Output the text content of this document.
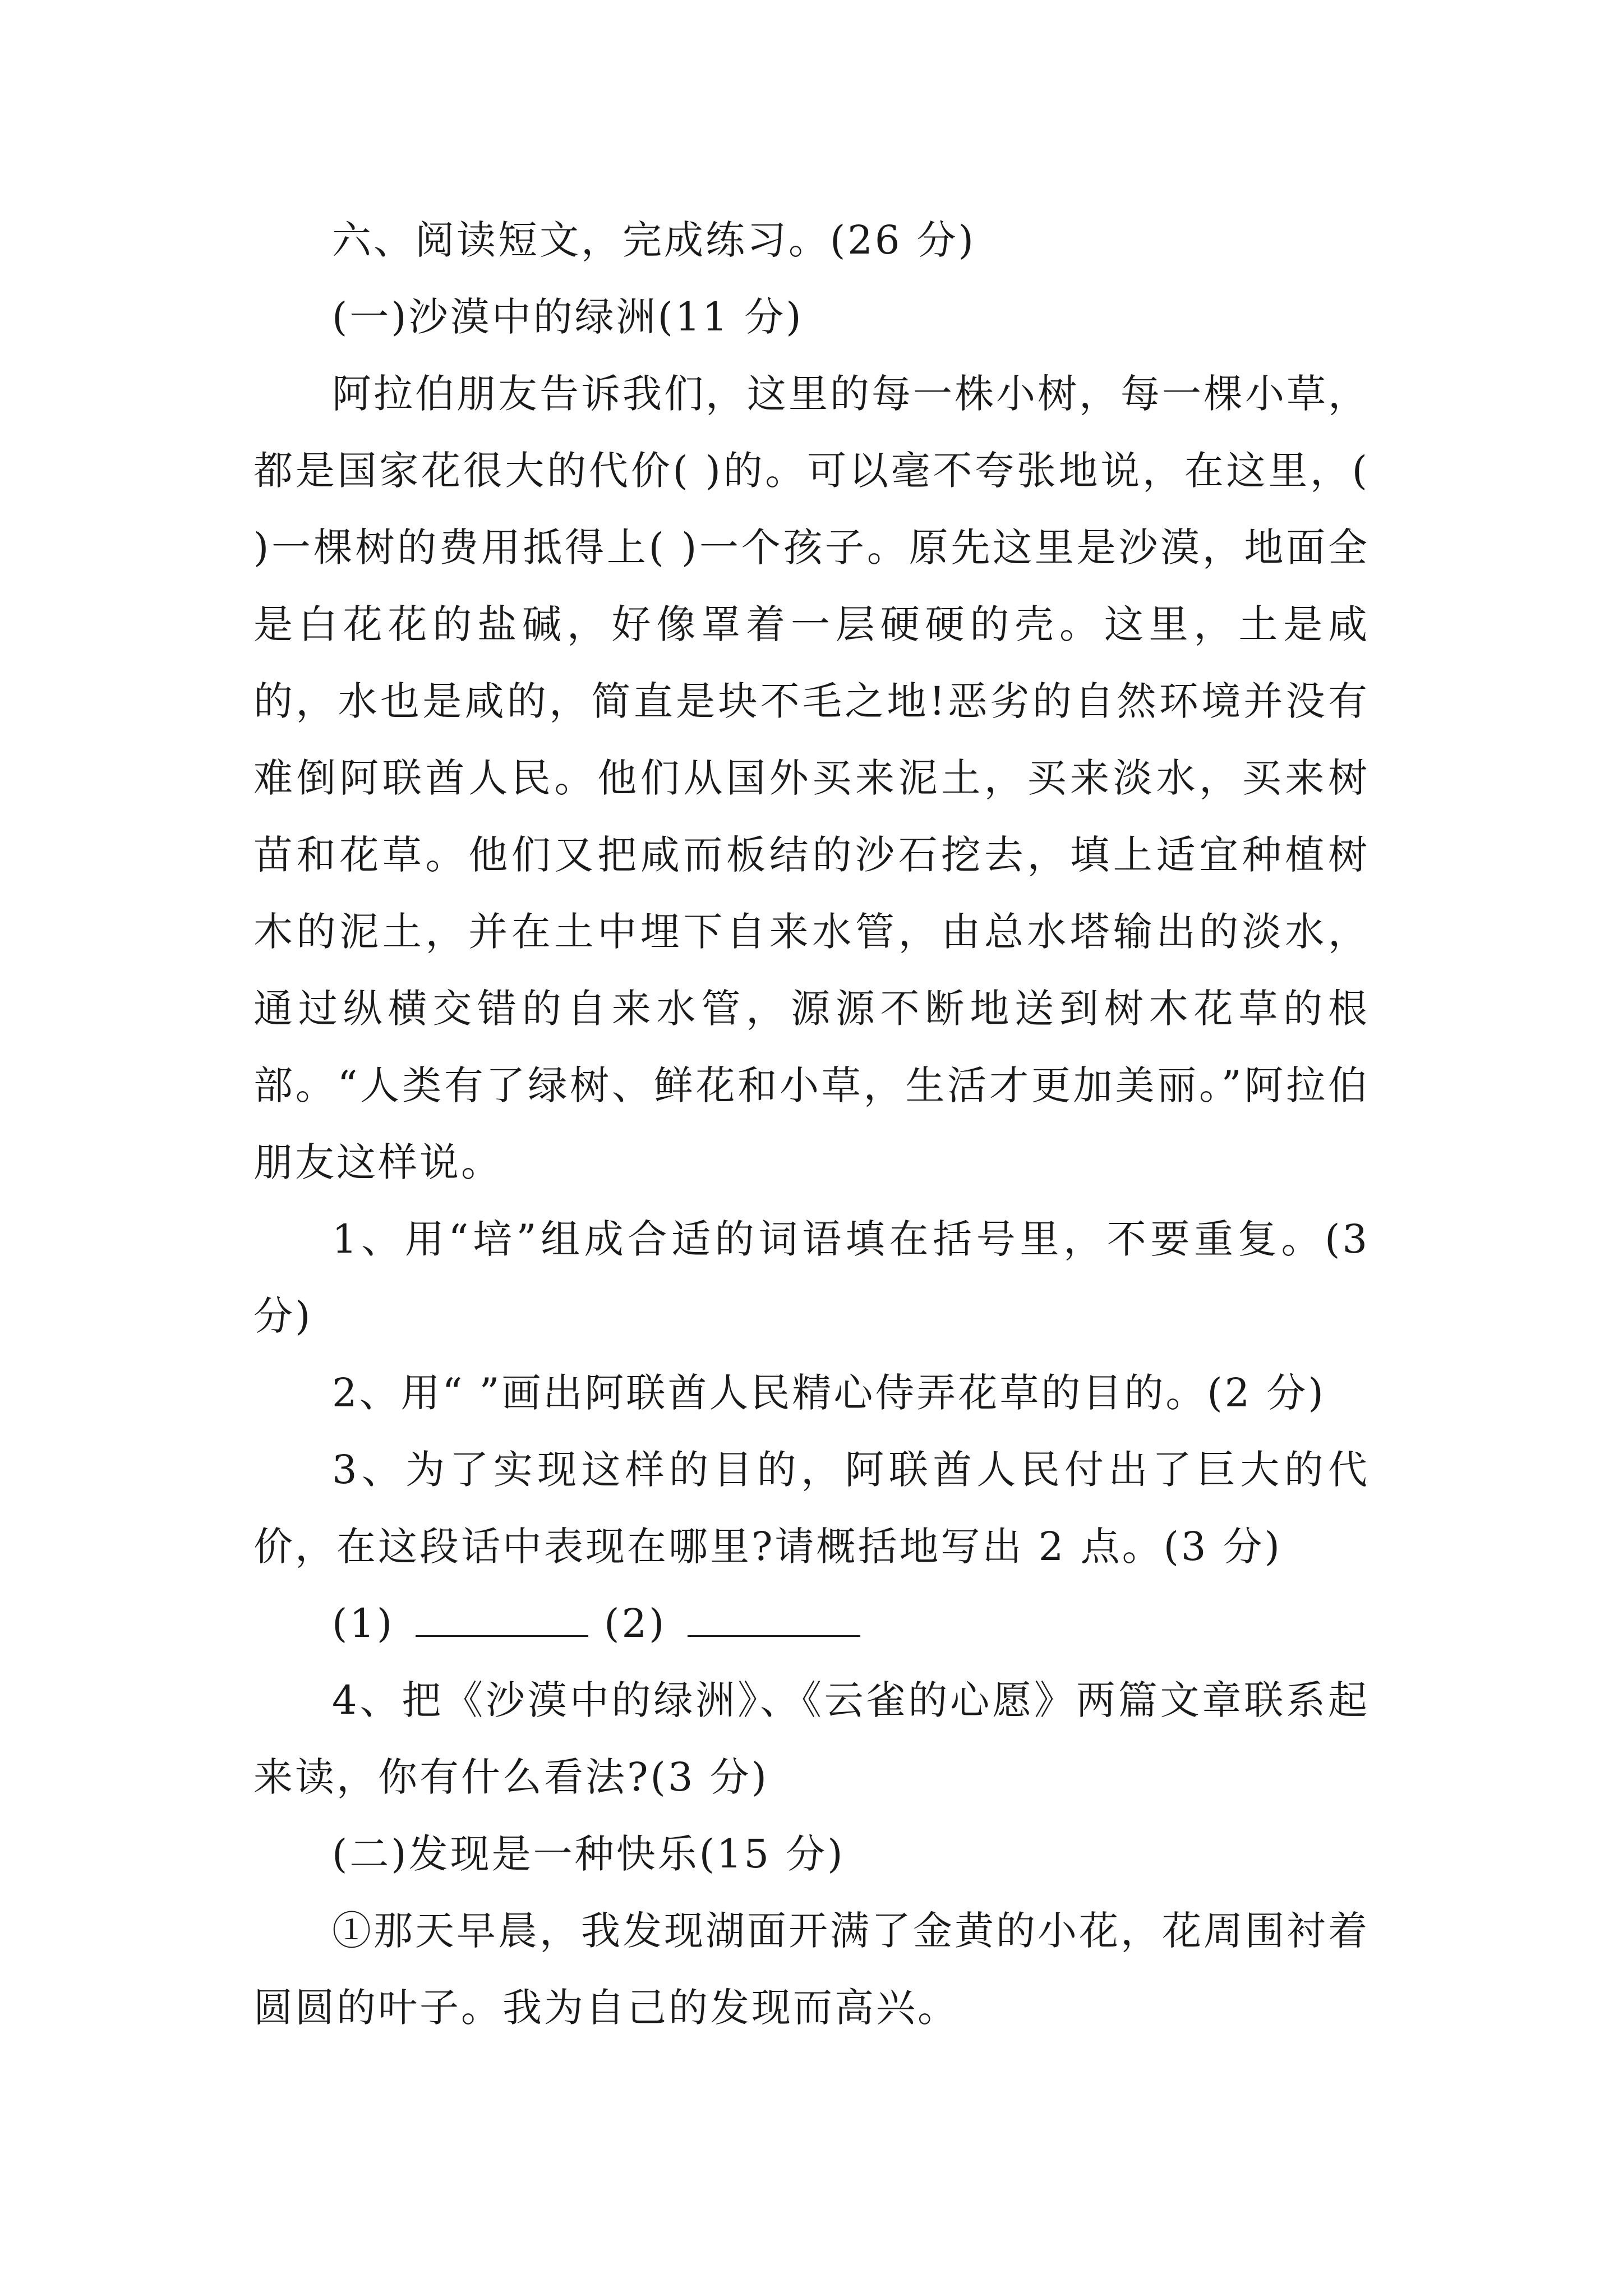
六、阅读短文，完成练习。(26 分)

(一)沙漠中的绿洲(11 分)

阿拉伯朋友告诉我们，这里的每一株小树，每一棵小草，都是国家花很大的代价( )的。可以毫不夸张地说，在这里，( )一棵树的费用抵得上( )一个孩子。原先这里是沙漠，地面全是白花花的盐碱，好像罩着一层硬硬的壳。这里，土是咸的，水也是咸的，简直是块不毛之地!恶劣的自然环境并没有难倒阿联酋人民。他们从国外买来泥土，买来淡水，买来树苗和花草。他们又把咸而板结的沙石挖去，填上适宜种植树木的泥土，并在土中埋下自来水管，由总水塔输出的淡水，通过纵横交错的自来水管，源源不断地送到树木花草的根部。“人类有了绿树、鲜花和小草，生活才更加美丽。”阿拉伯朋友这样说。

1、用“培”组成合适的词语填在括号里，不要重复。(3 分)

2、用“ ”画出阿联酋人民精心侍弄花草的目的。(2 分)

3、为了实现这样的目的，阿联酋人民付出了巨大的代价，在这段话中表现在哪里?请概括地写出 2 点。(3 分)

(1)	(2)

4、把《沙漠中的绿洲》、《云雀的心愿》两篇文章联系起来读，你有什么看法?(3 分)

(二)发现是一种快乐(15 分)

①那天早晨，我发现湖面开满了金黄的小花，花周围衬着圆圆的叶子。我为自己的发现而高兴。
